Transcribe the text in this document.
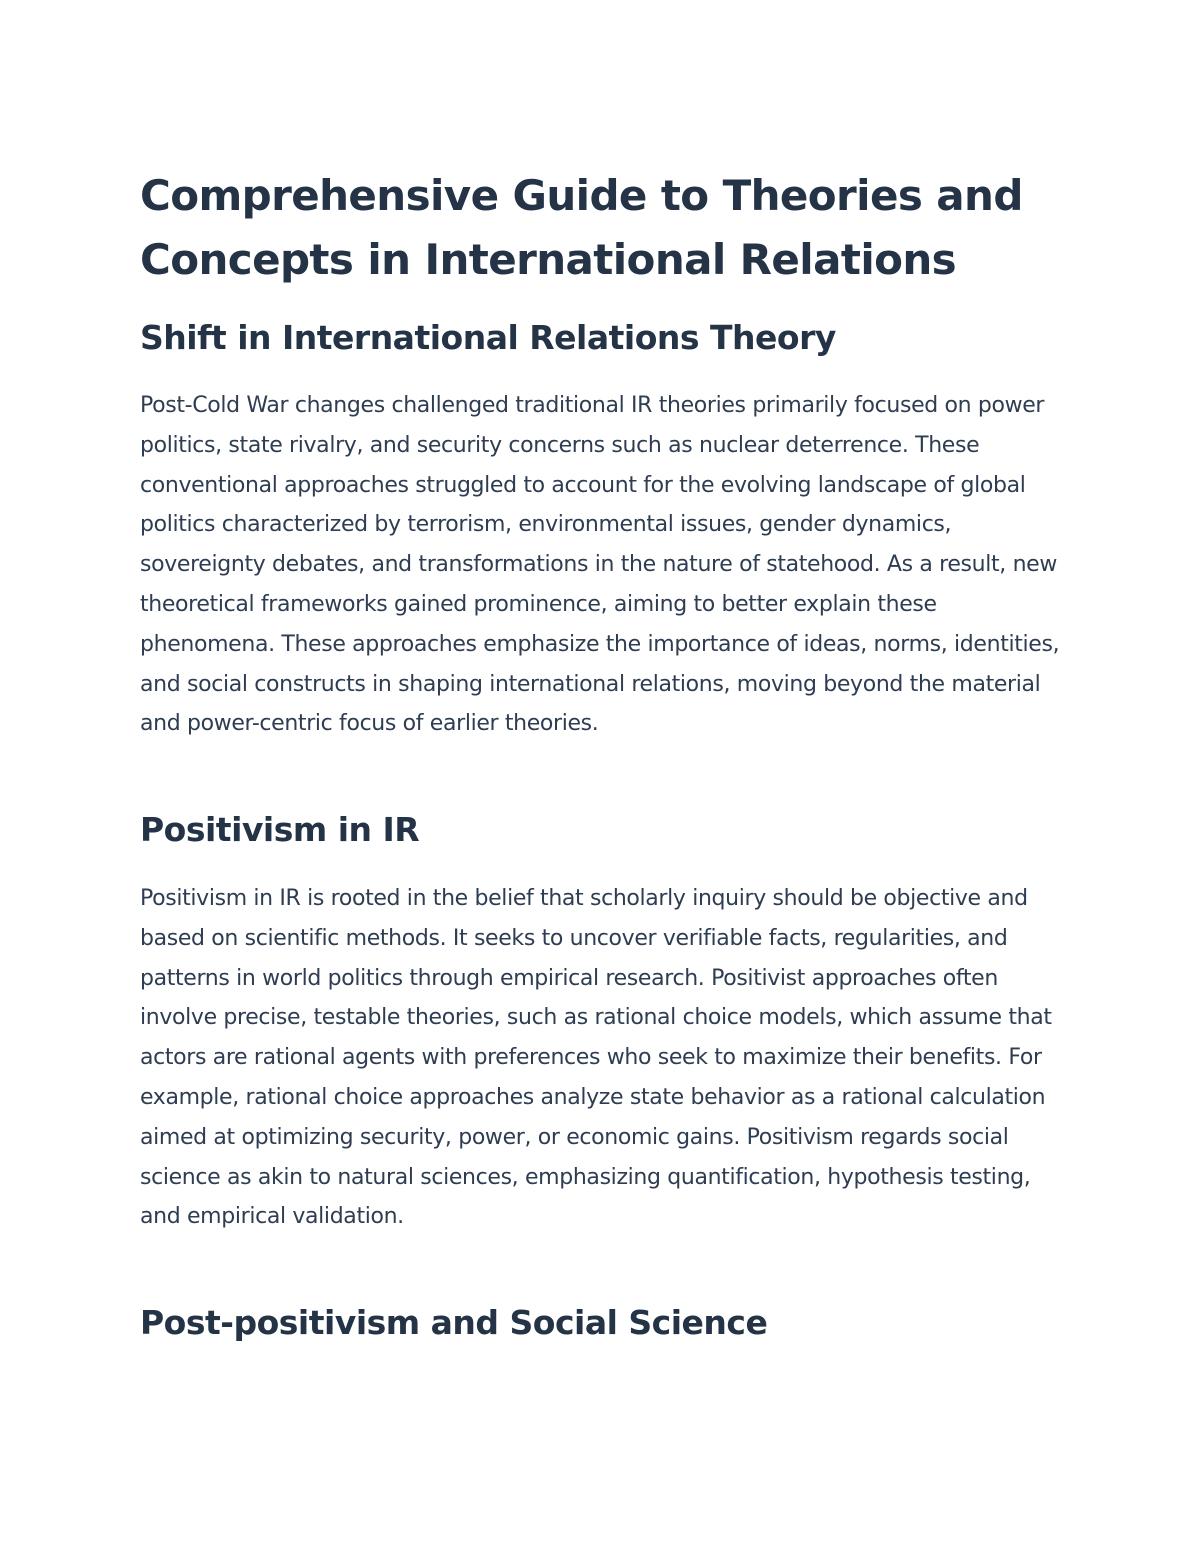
Comprehensive Guide to Theories and Concepts in International Relations
Shift in International Relations Theory

Post-Cold War changes challenged traditional IR theories primarily focused on power politics, state rivalry, and security concerns such as nuclear deterrence. These conventional approaches struggled to account for the evolving landscape of global politics characterized by terrorism, environmental issues, gender dynamics, sovereignty debates, and transformations in the nature of statehood. As a result, new theoretical frameworks gained prominence, aiming to better explain these phenomena. These approaches emphasize the importance of ideas, norms, identities, and social constructs in shaping international relations, moving beyond the material and power-centric focus of earlier theories.

Positivism in IR

Positivism in IR is rooted in the belief that scholarly inquiry should be objective and based on scientific methods. It seeks to uncover verifiable facts, regularities, and patterns in world politics through empirical research. Positivist approaches often involve precise, testable theories, such as rational choice models, which assume that actors are rational agents with preferences who seek to maximize their benefits. For example, rational choice approaches analyze state behavior as a rational calculation aimed at optimizing security, power, or economic gains. Positivism regards social science as akin to natural sciences, emphasizing quantification, hypothesis testing, and empirical validation.

Post-positivism and Social Science
